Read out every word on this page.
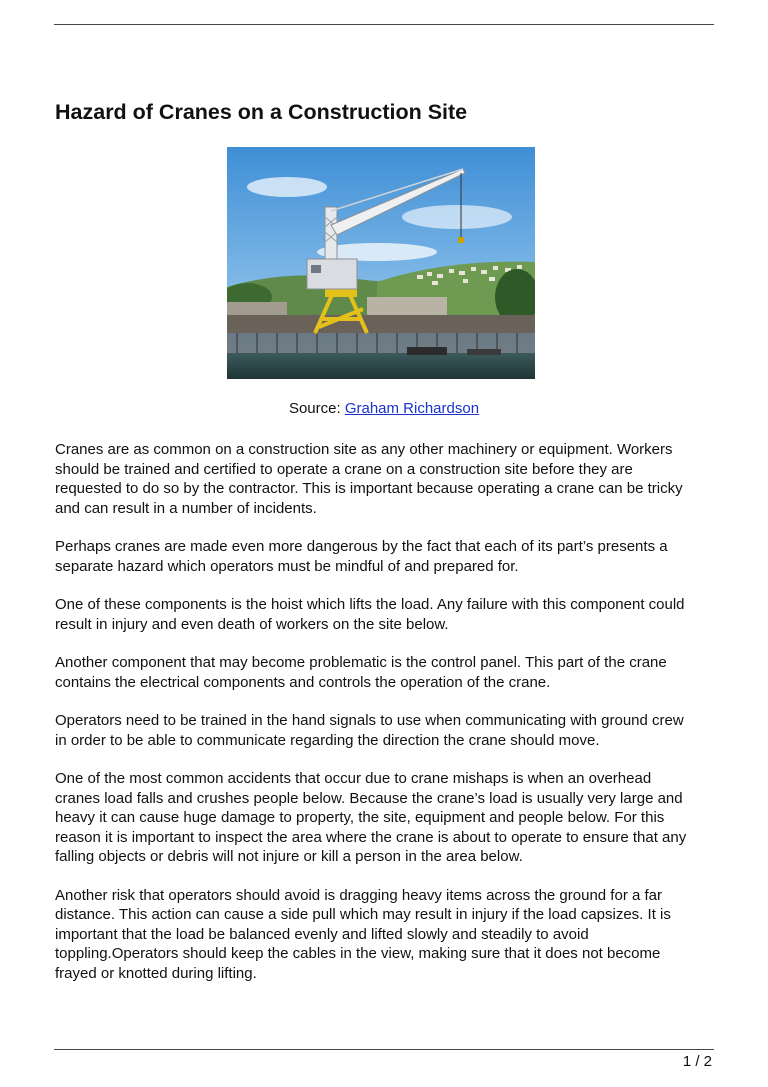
Hazard of Cranes on a Construction Site
Source: Graham Richardson

Cranes are as common on a construction site as any other machinery or equipment. Workers
should be trained and certified to operate a crane on a construction site before they are
requested to do so by the contractor. This is important because operating a crane can be tricky
and can result in a number of incidents.

Perhaps cranes are made even more dangerous by the fact that each of its part’s presents a
separate hazard which operators must be mindful of and prepared for.

One of these components is the hoist which lifts the load. Any failure with this component could
result in injury and even death of workers on the site below.

Another component that may become problematic is the control panel. This part of the crane
contains the electrical components and controls the operation of the crane.

Operators need to be trained in the hand signals to use when communicating with ground crew
in order to be able to communicate regarding the direction the crane should move.

One of the most common accidents that occur due to crane mishaps is when an overhead
cranes load falls and crushes people below. Because the crane’s load is usually very large and
heavy it can cause huge damage to property, the site, equipment and people below. For this
reason it is important to inspect the area where the crane is about to operate to ensure that any
falling objects or debris will not injure or kill a person in the area below.

Another risk that operators should avoid is dragging heavy items across the ground for a far
distance. This action can cause a side pull which may result in injury if the load capsizes. It is
important that the load be balanced evenly and lifted slowly and steadily to avoid
toppling.Operators should keep the cables in the view, making sure that it does not become
frayed or knotted during lifting.

1 / 2
